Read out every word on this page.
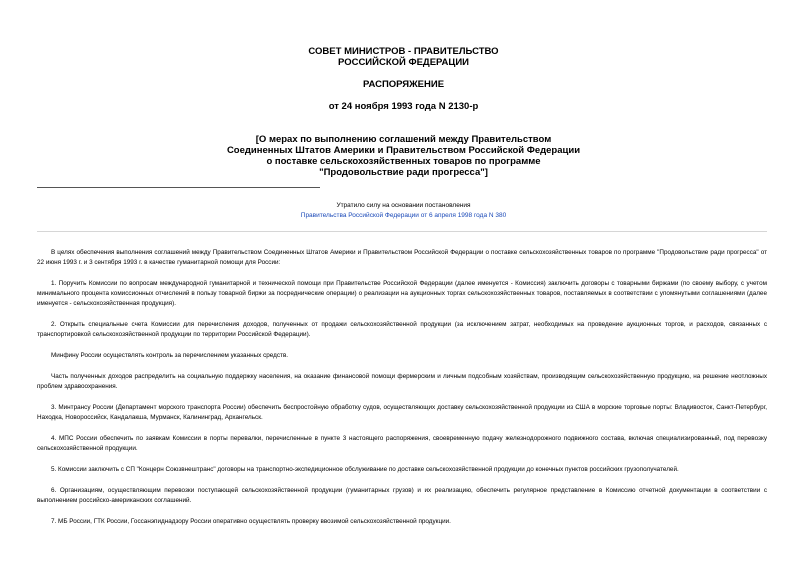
СОВЕТ МИНИСТРОВ - ПРАВИТЕЛЬСТВО
РОССИЙСКОЙ ФЕДЕРАЦИИ
РАСПОРЯЖЕНИЕ
от 24 ноября 1993 года N 2130-р
[О мерах по выполнению соглашений между Правительством
Соединенных Штатов Америки и Правительством Российской Федерации
о поставке сельскохозяйственных товаров по программе
"Продовольствие ради прогресса"]
Утратило силу на основании постановления
Правительства Российской Федерации от 6 апреля 1998 года N 380

В целях обеспечения выполнения соглашений между Правительством Соединенных Штатов Америки и Правительством Российской Федерации о поставке сельскохозяйственных товаров по программе "Продовольствие ради прогресса" от 22 июня 1993 г. и 3 сентября 1993 г. в качестве гуманитарной помощи для России:

1. Поручить Комиссии по вопросам международной гуманитарной и технической помощи при Правительстве Российской Федерации (далее именуется - Комиссия) заключить договоры с товарными биржами (по своему выбору, с учетом минимального процента комиссионных отчислений в пользу товарной биржи за посреднические операции) о реализации на аукционных торгах сельскохозяйственных товаров, поставляемых в соответствии с упомянутыми соглашениями (далее именуется - сельскохозяйственная продукция).

2. Открыть специальные счета Комиссии для перечисления доходов, полученных от продажи сельскохозяйственной продукции (за исключением затрат, необходимых на проведение аукционных торгов, и расходов, связанных с транспортировкой сельскохозяйственной продукции по территории Российской Федерации).

Минфину России осуществлять контроль за перечислением указанных средств.

Часть полученных доходов распределить на социальную поддержку населения, на оказание финансовой помощи фермерским и личным подсобным хозяйствам, производящим сельскохозяйственную продукцию, на решение неотложных проблем здравоохранения.

3. Минтрансу России (Департамент морского транспорта России) обеспечить беспростойную обработку судов, осуществляющих доставку сельскохозяйственной продукции из США в морские торговые порты: Владивосток, Санкт-Петербург, Находка, Новороссийск, Кандалакша, Мурманск, Калининград, Архангельск.

4. МПС России обеспечить по заявкам Комиссии в порты перевалки, перечисленные в пункте 3 настоящего распоряжения, своевременную подачу железнодорожного подвижного состава, включая специализированный, под перевозку сельскохозяйственной продукции.

5. Комиссии заключить с СП "Концерн Союзвнештранс" договоры на транспортно-экспедиционное обслуживание по доставке сельскохозяйственной продукции до конечных пунктов российских грузополучателей.

6. Организациям, осуществляющим перевозки поступающей сельскохозяйственной продукции (гуманитарных грузов) и их реализацию, обеспечить регулярное представление в Комиссию отчетной документации в соответствии с выполнением российско-американских соглашений.

7. МБ России, ГТК России, Госсанэпиднадзору России оперативно осуществлять проверку ввозимой сельскохозяйственной продукции.
